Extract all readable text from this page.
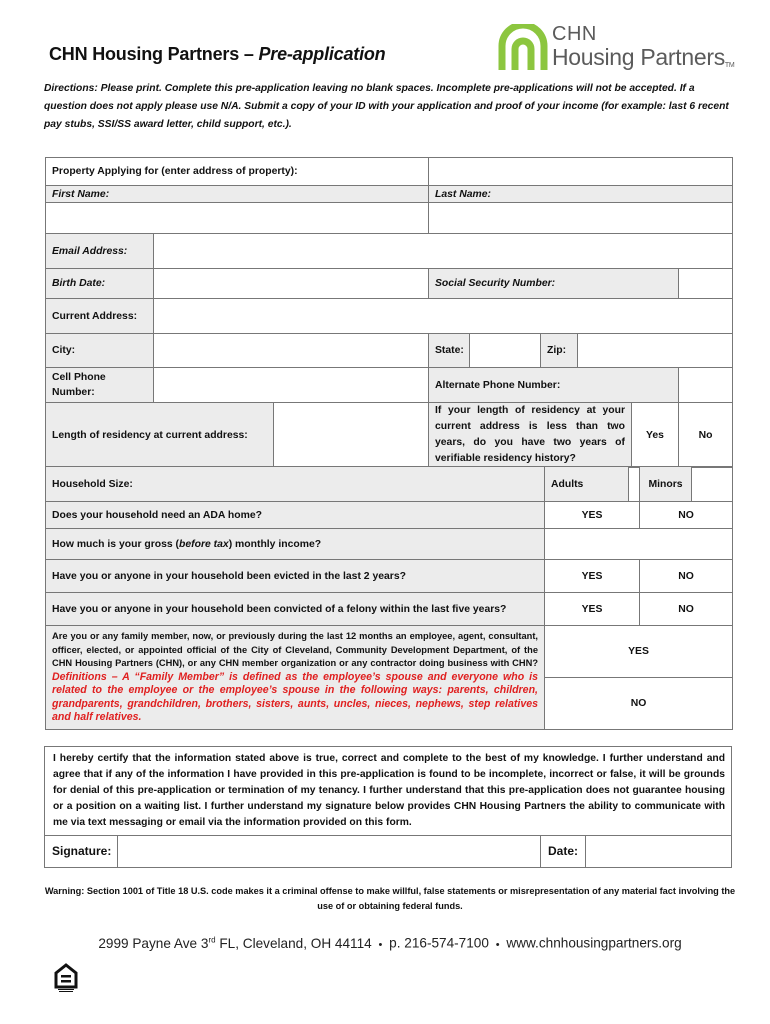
CHN Housing Partners – Pre-application
CHN
Housing PartnersTM
Directions: Please print. Complete this pre-application leaving no blank spaces. Incomplete pre-applications will not be accepted. If a question does not apply please use N/A. Submit a copy of your ID with your application and proof of your income (for example: last 6 recent pay stubs, SSI/SS award letter, child support, etc.).
Property Applying for (enter address of property):								
First Name:			Last Name:					

Email Address:								
Birth Date:			Social Security Number:					
Current Address:								
City:			State:		Zip:			
Cell Phone Number:			Alternate Phone Number:					
Length of residency at current address:			If your length of residency at your current address is less than two years, do you have two years of verifiable residency history?				Yes	No
Household Size:	Adults		Minors	
Does your household need an ADA home?	YES		NO	
How much is your gross (before tax) monthly income?				
Have you or anyone in your household been evicted in the last 2 years?	YES		NO	
Have you or anyone in your household been convicted of a felony within the last five years?	YES		NO	
Are you or any family member, now, or previously during the last 12 months an employee, agent, consultant, officer, elected, or appointed official of the City of Cleveland, Community Development Department, of the CHN Housing Partners (CHN), or any CHN member organization or any contractor doing business with CHN? Definitions – A “Family Member” is defined as the employee’s spouse and everyone who is related to the employee or the employee’s spouse in the following ways: parents, children, grandparents, grandchildren, brothers, sisters, aunts, uncles, nieces, nephews, step relatives and half relatives.	YES			
	NO			
I hereby certify that the information stated above is true, correct and complete to the best of my knowledge. I further understand and agree that if any of the information I have provided in this pre-application is found to be incomplete, incorrect or false, it will be grounds for denial of this pre-application or termination of my tenancy. I further understand that this pre-application does not guarantee housing or a position on a waiting list. I further understand my signature below provides CHN Housing Partners the ability to communicate with me via text messaging or email via the information provided on this form.
Signature:	Date:
Warning: Section 1001 of Title 18 U.S. code makes it a criminal offense to make willful, false statements or misrepresentation of any material fact involving the use of or obtaining federal funds.
2999 Payne Ave 3rd FL, Cleveland, OH 44114 • p. 216-574-7100 • www.chnhousingpartners.org
